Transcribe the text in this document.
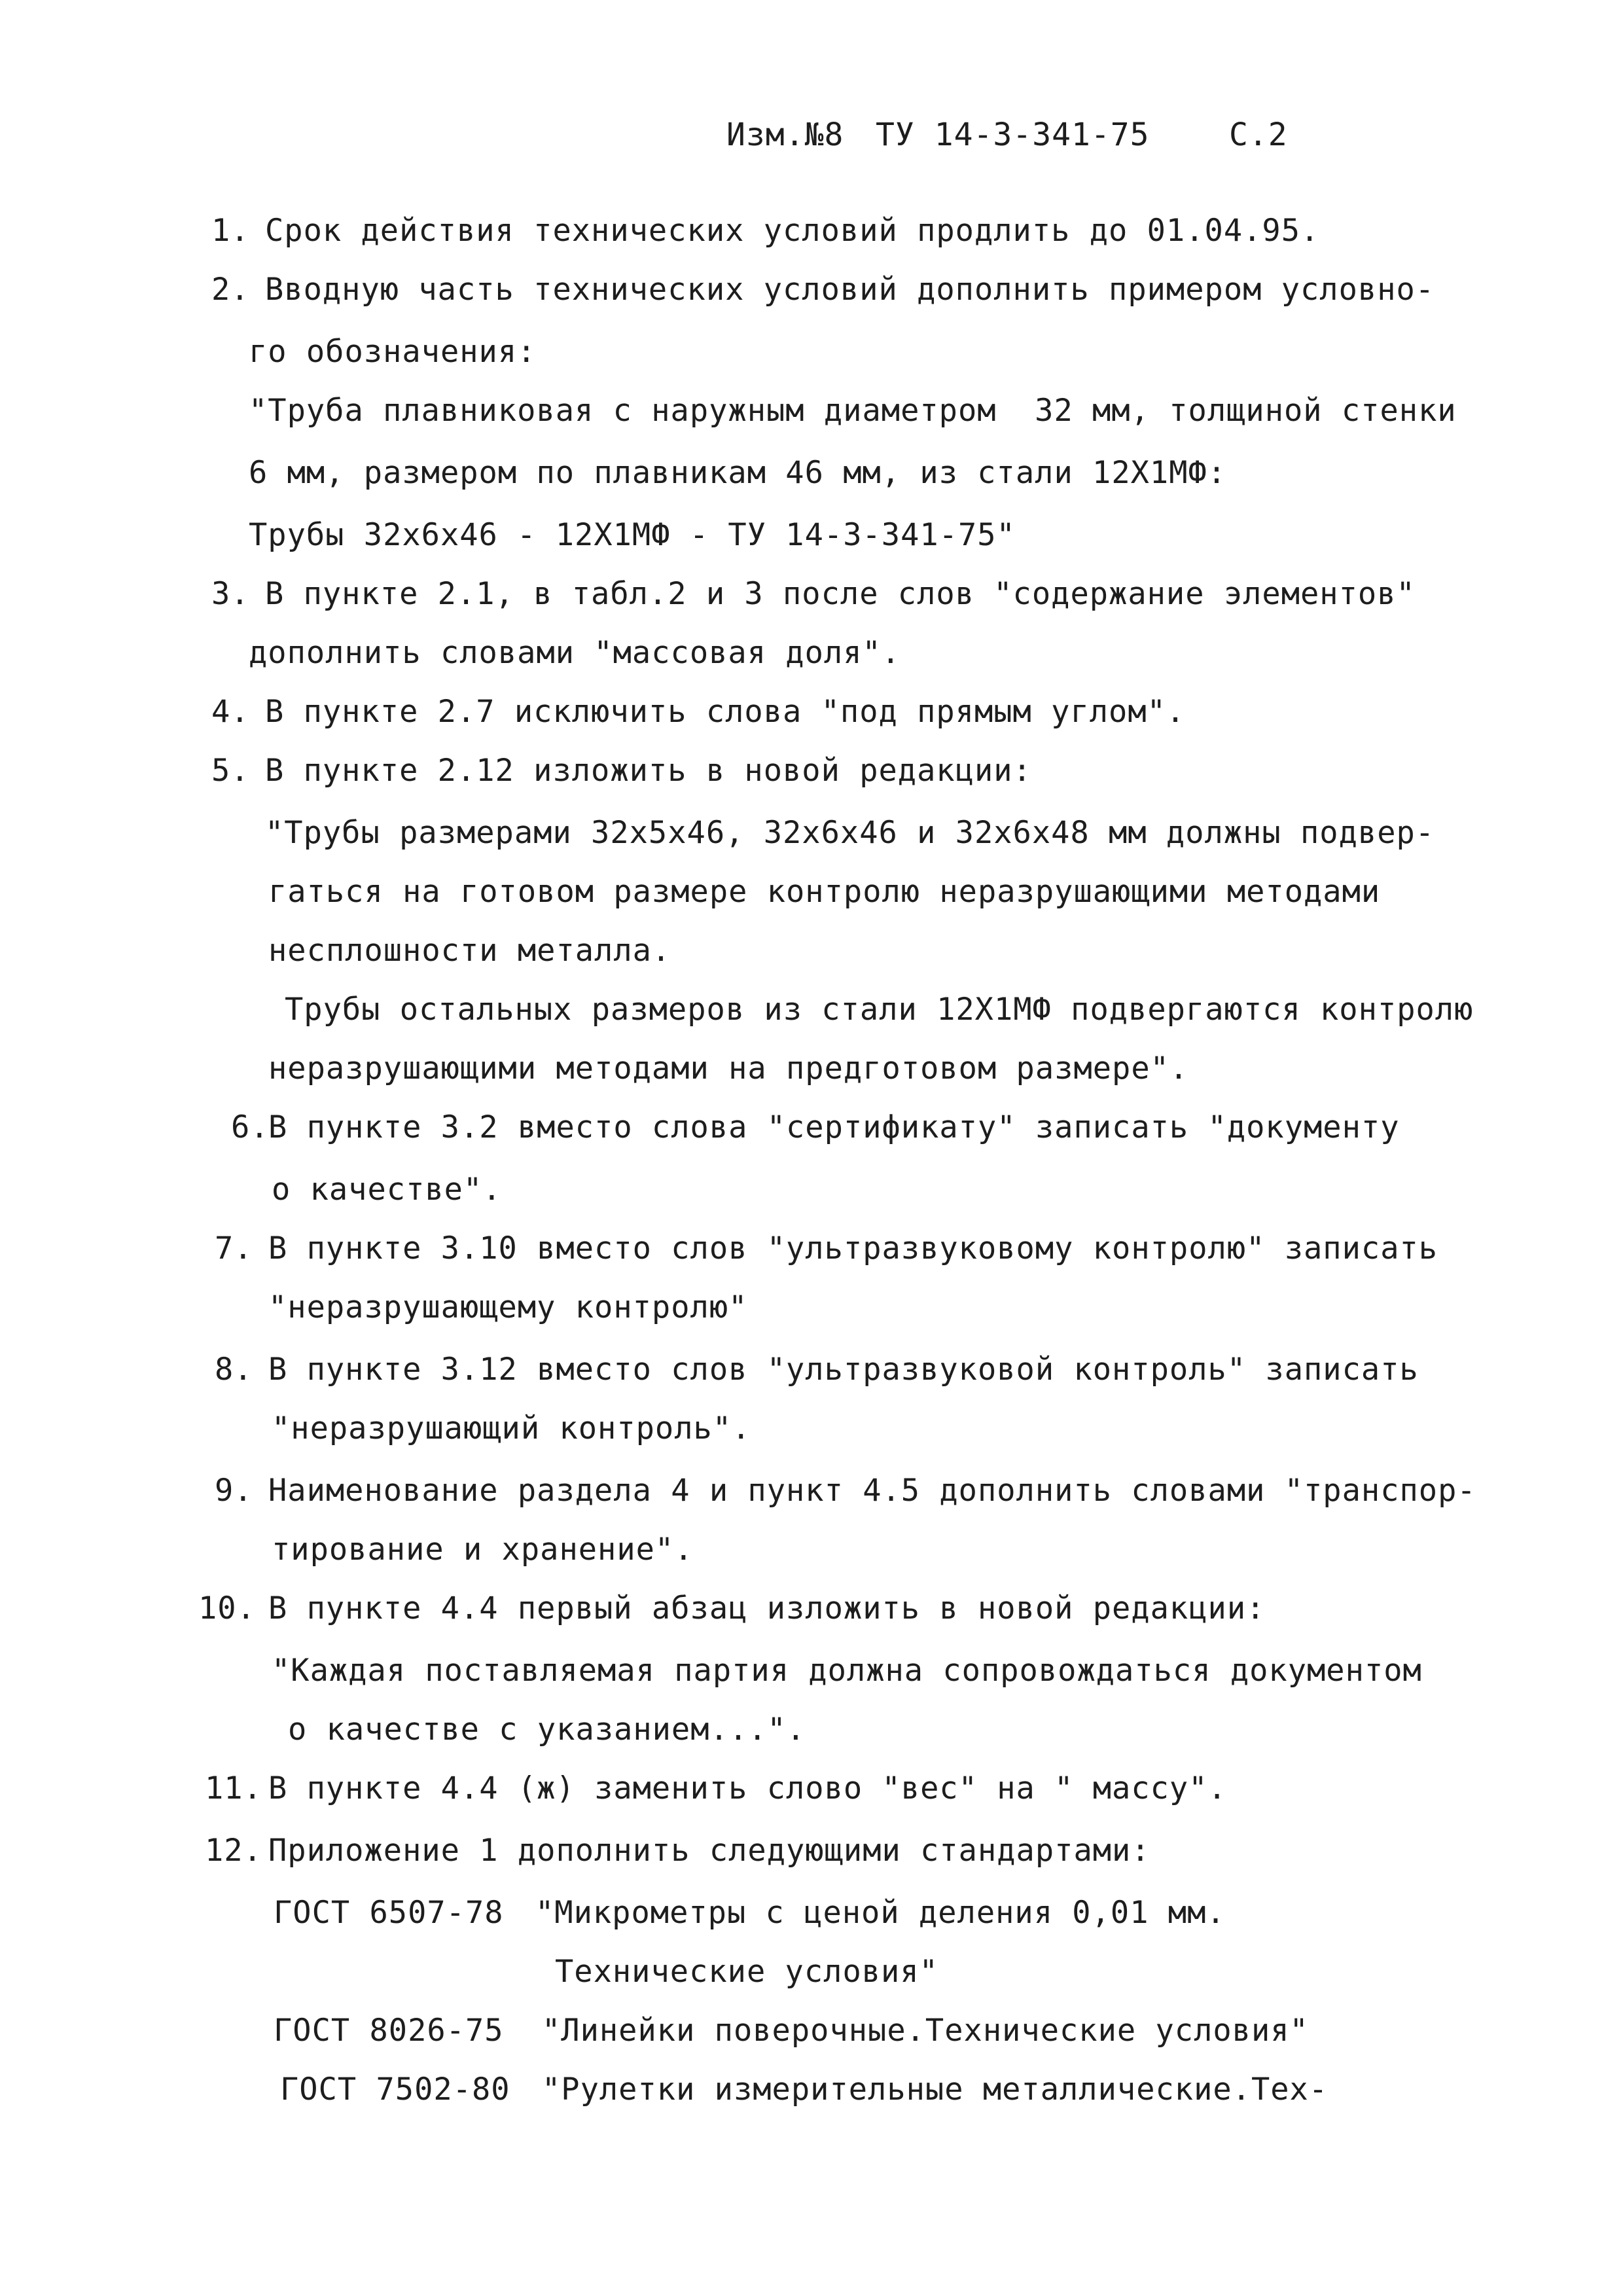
Изм.№8 ТУ 14-3-341-75	С.2
1. Срок действия технических условий продлить до 01.04.95.
2. Вводную часть технических условий дополнить примером условно-
го обозначения:
"Труба плавниковая с наружным диаметром  32 мм, толщиной стенки
6 мм, размером по плавникам 46 мм, из стали 12Х1МФ:
Трубы 32х6х46 - 12Х1МФ - ТУ 14-3-341-75"
3. В пункте 2.1, в табл.2 и 3 после слов "содержание элементов"
дополнить словами "массовая доля".
4. В пункте 2.7 исключить слова "под прямым углом".
5. В пункте 2.12 изложить в новой редакции:
"Трубы размерами 32х5х46, 32х6х46 и 32х6х48 мм должны подвер-
гаться на готовом размере контролю неразрушающими методами
несплошности металла.
Трубы остальных размеров из стали 12Х1МФ подвергаются контролю
неразрушающими методами на предготовом размере".
6.
В пункте 3.2 вместо слова "сертификату" записать "документу
о качестве".
7. В пункте 3.10 вместо слов "ультразвуковому контролю" записать
"неразрушающему контролю"
8. В пункте 3.12 вместо слов "ультразвуковой контроль" записать
"неразрушающий контроль".
9. Наименование раздела 4 и пункт 4.5 дополнить словами "транспор-
тирование и хранение".
10. В пункте 4.4 первый абзац изложить в новой редакции:
"Каждая поставляемая партия должна сопровождаться документом
о качестве с указанием...".
11. В пункте 4.4 (ж) заменить слово "вес" на " массу".
12. Приложение 1 дополнить следующими стандартами:
ГОСТ 6507-78 "Микрометры с ценой деления 0,01 мм.
Технические условия"
ГОСТ 8026-75 "Линейки поверочные.Технические условия"
ГОСТ 7502-80 "Рулетки измерительные металлические.Тех-
